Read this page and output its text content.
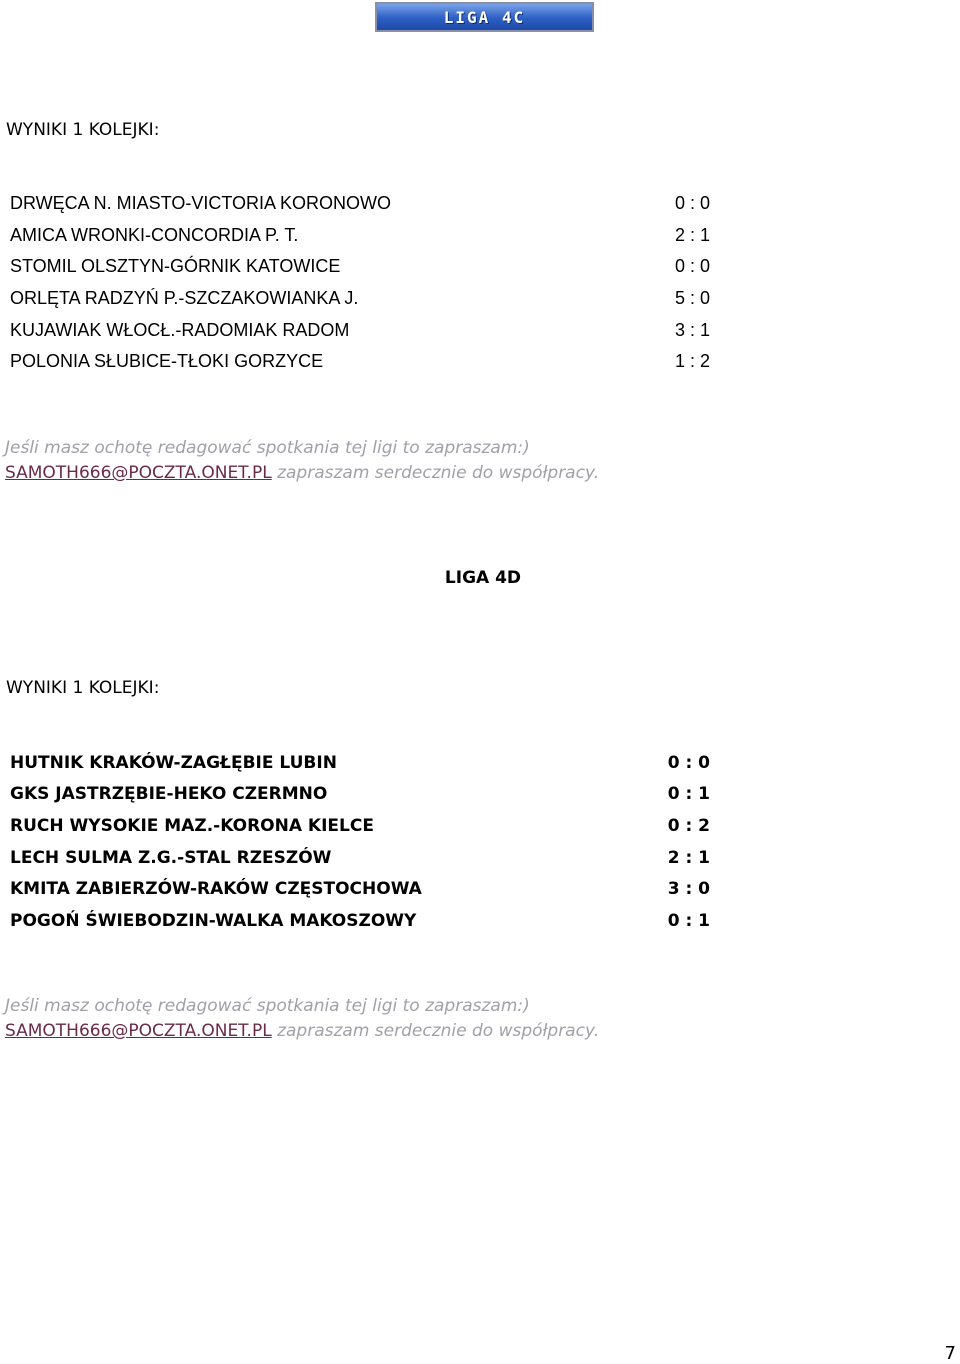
LIGA 4C

WYNIKI 1 KOLEJKI:

DRWĘCA N. MIASTO-VICTORIA KORONOWO	0 : 0
AMICA WRONKI-CONCORDIA P. T.	2 : 1
STOMIL OLSZTYN-GÓRNIK KATOWICE	0 : 0
ORLĘTA RADZYŃ P.-SZCZAKOWIANKA J.	5 : 0
KUJAWIAK WŁOCŁ.-RADOMIAK RADOM	3 : 1
POLONIA SŁUBICE-TŁOKI GORZYCE	1 : 2

Jeśli masz ochotę redagować spotkania tej ligi to zapraszam:)
SAMOTH666@POCZTA.ONET.PL zapraszam serdecznie do współpracy.

LIGA 4D

WYNIKI 1 KOLEJKI:

HUTNIK KRAKÓW-ZAGŁĘBIE LUBIN	0 : 0
GKS JASTRZĘBIE-HEKO CZERMNO	0 : 1
RUCH WYSOKIE MAZ.-KORONA KIELCE	0 : 2
LECH SULMA Z.G.-STAL RZESZÓW	2 : 1
KMITA ZABIERZÓW-RAKÓW CZĘSTOCHOWA	3 : 0
POGOŃ ŚWIEBODZIN-WALKA MAKOSZOWY	0 : 1

Jeśli masz ochotę redagować spotkania tej ligi to zapraszam:)
SAMOTH666@POCZTA.ONET.PL zapraszam serdecznie do współpracy.

7
